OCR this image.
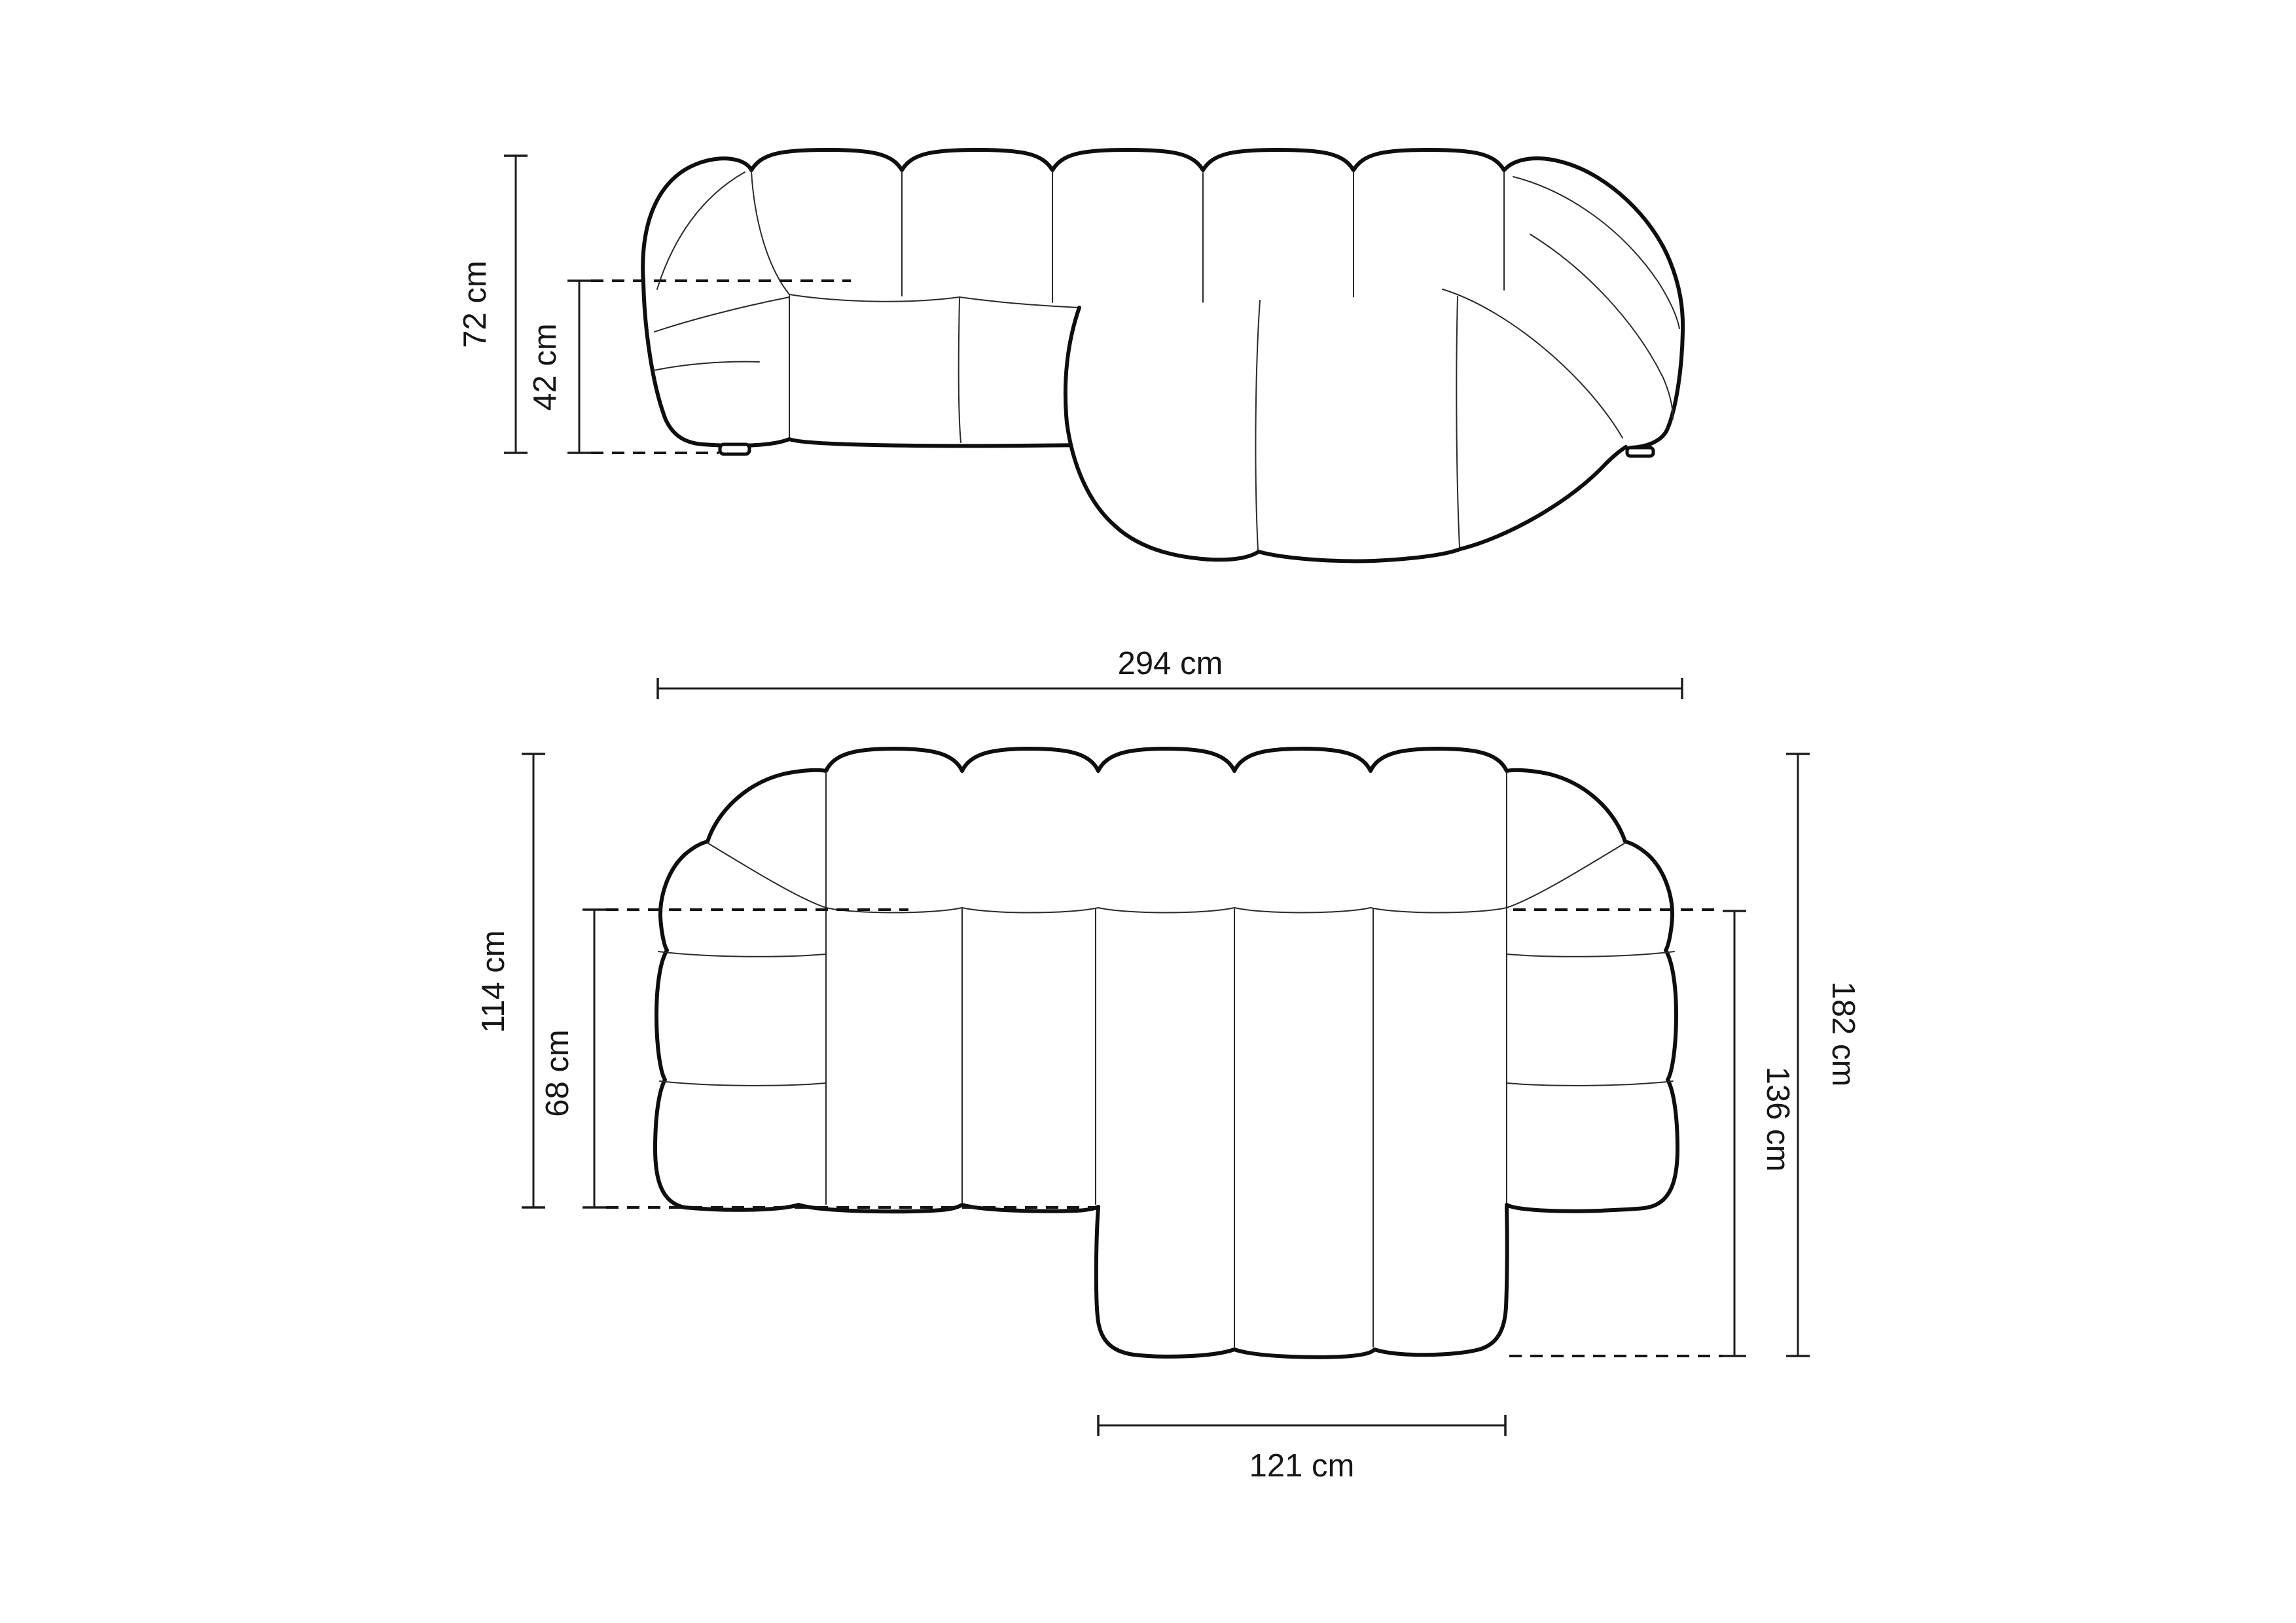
72 cm
42 cm
294 cm
114 cm
68 cm	136 cm
182 cm
121 cm
